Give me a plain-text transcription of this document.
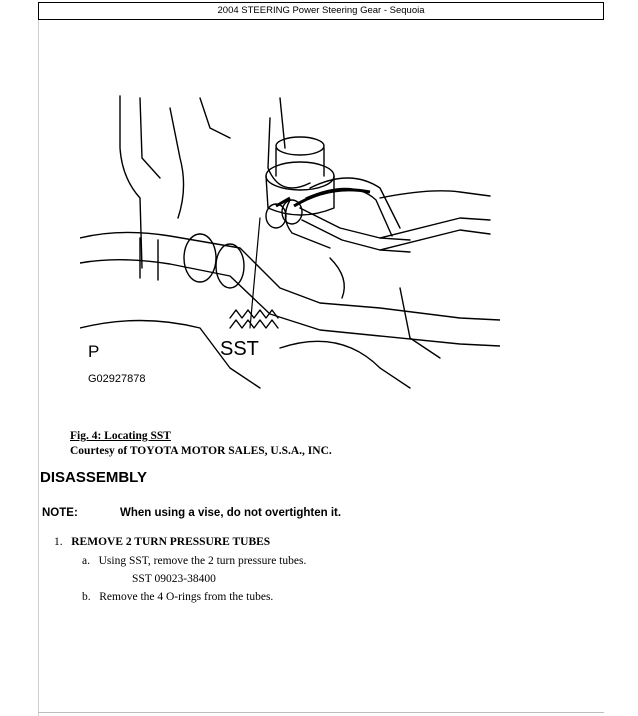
2004 STEERING Power Steering Gear - Sequoia
P	SST
G02927878
Fig. 4: Locating SST
Courtesy of TOYOTA MOTOR SALES, U.S.A., INC.
DISASSEMBLY
NOTE:	When using a vise, do not overtighten it.
1. REMOVE 2 TURN PRESSURE TUBES
a. Using SST, remove the 2 turn pressure tubes.
SST 09023-38400
b. Remove the 4 O-rings from the tubes.
